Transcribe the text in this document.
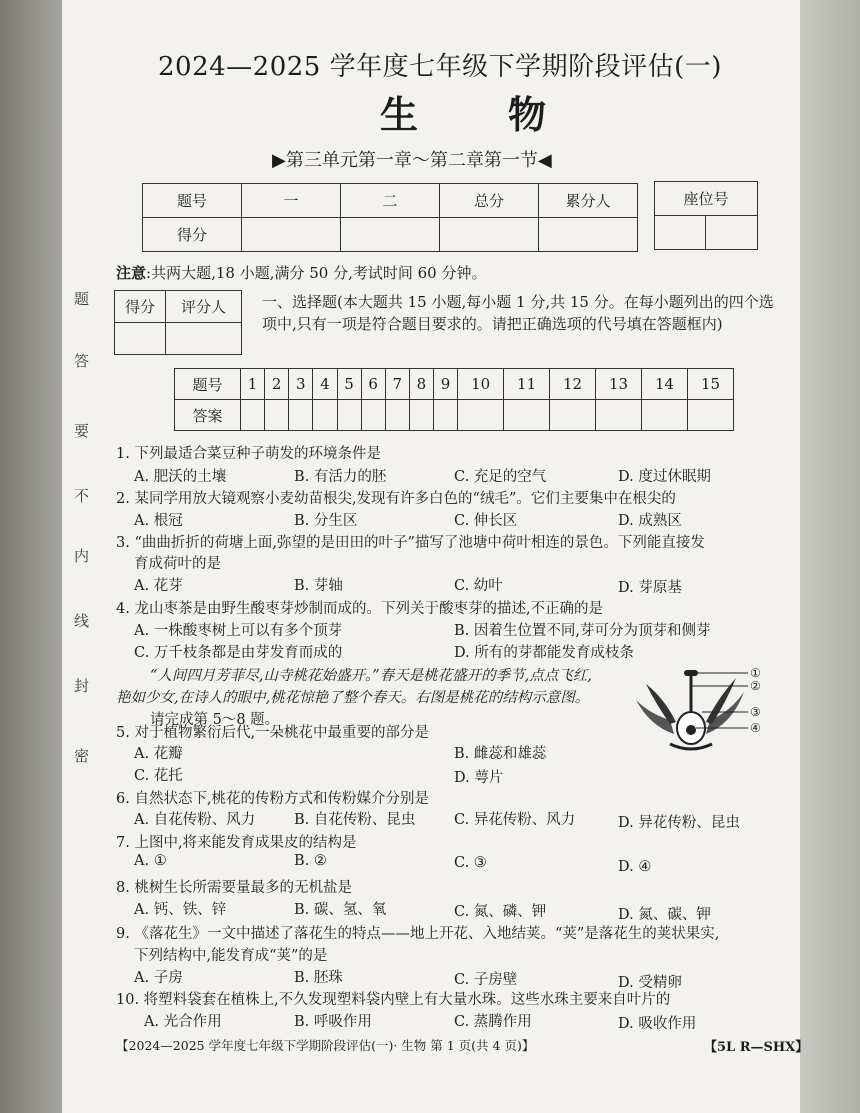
题
答
要
不
内
线
封
密
2024—2025 学年度七年级下学期阶段评估(一)
生物
▶第三单元第一章～第二章第一节◀
题号	一	二	总分	累分人
得分				
座位号

注意:共两大题,18 小题,满分 50 分,考试时间 60 分钟。
得分	评分人
	一、选择题(本大题共 15 小题,每小题 1 分,共 15 分。在每小题列出的四个选项中,只有一项是符合题目要求的。请把正确选项的代号填在答题框内)
题号	1	2	3	4	5	6	7	8	9	10	11	12	13	14	15
答案															
1. 下列最适合菜豆种子萌发的环境条件是
A. 肥沃的土壤	B. 有活力的胚	C. 充足的空气	D. 度过休眠期
2. 某同学用放大镜观察小麦幼苗根尖,发现有许多白色的“绒毛”。它们主要集中在根尖的
A. 根冠	B. 分生区	C. 伸长区	D. 成熟区
3. “曲曲折折的荷塘上面,弥望的是田田的叶子”描写了池塘中荷叶相连的景色。下列能直接发
育成荷叶的是
A. 花芽	B. 芽轴	C. 幼叶	D. 芽原基
4. 龙山枣茶是由野生酸枣芽炒制而成的。下列关于酸枣芽的描述,不正确的是
A. 一株酸枣树上可以有多个顶芽	B. 因着生位置不同,芽可分为顶芽和侧芽
C. 万千枝条都是由芽发育而成的	D. 所有的芽都能发育成枝条
“人间四月芳菲尽,山寺桃花始盛开。”春天是桃花盛开的季节,点点飞红,
艳如少女,在诗人的眼中,桃花惊艳了整个春天。右图是桃花的结构示意图。
请完成第 5～8 题。
①
②
③
④
5. 对于植物繁衍后代,一朵桃花中最重要的部分是
A. 花瓣	B. 雌蕊和雄蕊
C. 花托	D. 萼片
6. 自然状态下,桃花的传粉方式和传粉媒介分别是
A. 自花传粉、风力	B. 自花传粉、昆虫	C. 异花传粉、风力	D. 异花传粉、昆虫
7. 上图中,将来能发育成果皮的结构是
A. ①	B. ②	C. ③	D. ④
8. 桃树生长所需要量最多的无机盐是
A. 钙、铁、锌	B. 碳、氢、氧	C. 氮、磷、钾	D. 氮、碳、钾
9. 《落花生》一文中描述了落花生的特点——地上开花、入地结荚。“荚”是落花生的荚状果实,
下列结构中,能发育成“荚”的是
A. 子房	B. 胚珠	C. 子房壁	D. 受精卵
10. 将塑料袋套在植株上,不久发现塑料袋内壁上有大量水珠。这些水珠主要来自叶片的
A. 光合作用	B. 呼吸作用	C. 蒸腾作用	D. 吸收作用
【2024—2025 学年度七年级下学期阶段评估(一)· 生物 第 1 页(共 4 页)】	【5L R—SHX】
